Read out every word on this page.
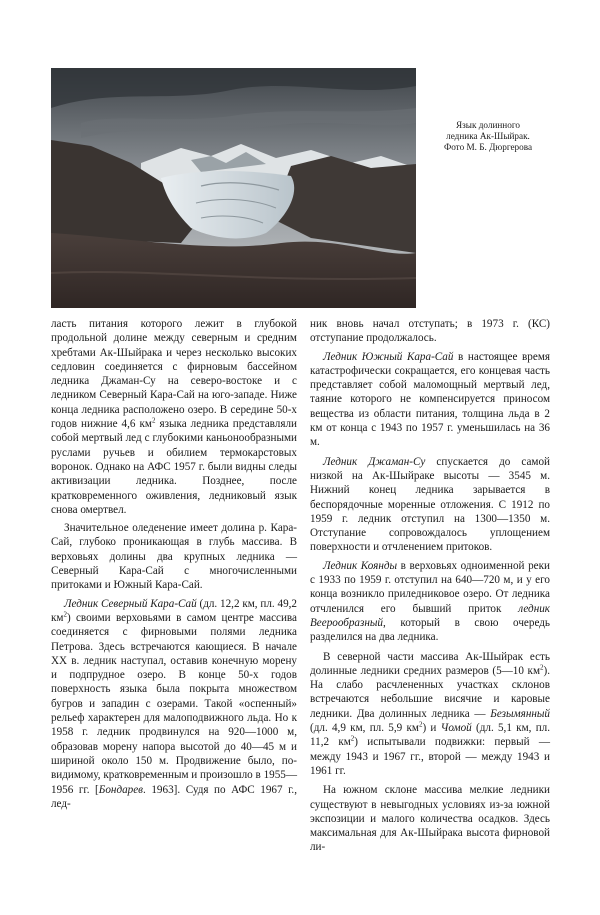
Язык долинного
ледника Ак-Шыйрак.
Фото М. Б. Дюргерова

ласть питания которого лежит в глубокой продольной долине между северным и средним хребтами Ак-Шыйрака и через несколько высоких седловин соединяется с фирновым бассейном ледника Джаман-Су на северо-востоке и с ледником Северный Кара-Сай на юго-западе. Ниже конца ледника расположено озеро. В середине 50-х годов нижние 4,6 $км^2$ языка ледника представляли собой мертвый лед с глубокими каньонообразными руслами ручьев и обилием термокарстовых воронок. Однако на АФС 1957 г. были видны следы активизации ледника. Позднее, после кратковременного оживления, ледниковый язык снова омертвел.

Значительное оледенение имеет долина р. Кара-Сай, глубоко проникающая в глубь массива. В верховьях долины два крупных ледника — Северный Кара-Сай с многочисленными притоками и Южный Кара-Сай.

Ледник Северный Кара-Сай (дл. 12,2 км, пл. 49,2 $км^2$) своими верховьями в самом центре массива соединяется с фирновыми полями ледника Петрова. Здесь встречаются кающиеся. В начале XX в. ледник наступал, оставив конечную морену и подпрудное озеро. В конце 50-х годов поверхность языка была покрыта множеством бугров и западин с озерами. Такой «оспенный» рельеф характерен для малоподвижного льда. Но к 1958 г. ледник продвинулся на 920—1000 м, образовав морену напора высотой до 40—45 м и шириной около 150 м. Продвижение было, по-видимому, кратковременным и произошло в 1955—1956 гг. [Бондарев. 1963]. Судя по АФС 1967 г., лед-

ник вновь начал отступать; в 1973 г. (КС) отступание продолжалось.

Ледник Южный Кара-Сай в настоящее время катастрофически сокращается, его концевая часть представляет собой маломощный мертвый лед, таяние которого не компенсируется приносом вещества из области питания, толщина льда в 2 км от конца с 1943 по 1957 г. уменьшилась на 36 м.

Ледник Джаман-Су спускается до самой низкой на Ак-Шыйраке высоты — 3545 м. Нижний конец ледника зарывается в беспорядочные моренные отложения. С 1912 по 1959 г. ледник отступил на 1300—1350 м. Отступание сопровождалось уплощением поверхности и отчленением притоков.

Ледник Коянды в верховьях одноименной реки с 1933 по 1959 г. отступил на 640—720 м, и у его конца возникло приледниковое озеро. От ледника отчленился его бывший приток ледник Веерообразный, который в свою очередь разделился на два ледника.

В северной части массива Ак-Шыйрак есть долинные ледники средних размеров (5—10 $км^2$). На слабо расчлененных участках склонов встречаются небольшие висячие и каровые ледники. Два долинных ледника — Безымянный (дл. 4,9 км, пл. 5,9 $км^2$) и Чомой (дл. 5,1 км, пл. 11,2 $км^2$) испытывали подвижки: первый — между 1943 и 1967 гг., второй — между 1943 и 1961 гг.

На южном склоне массива мелкие ледники существуют в невыгодных условиях из-за южной экспозиции и малого количества осадков. Здесь максимальная для Ак-Шыйрака высота фирновой ли-
